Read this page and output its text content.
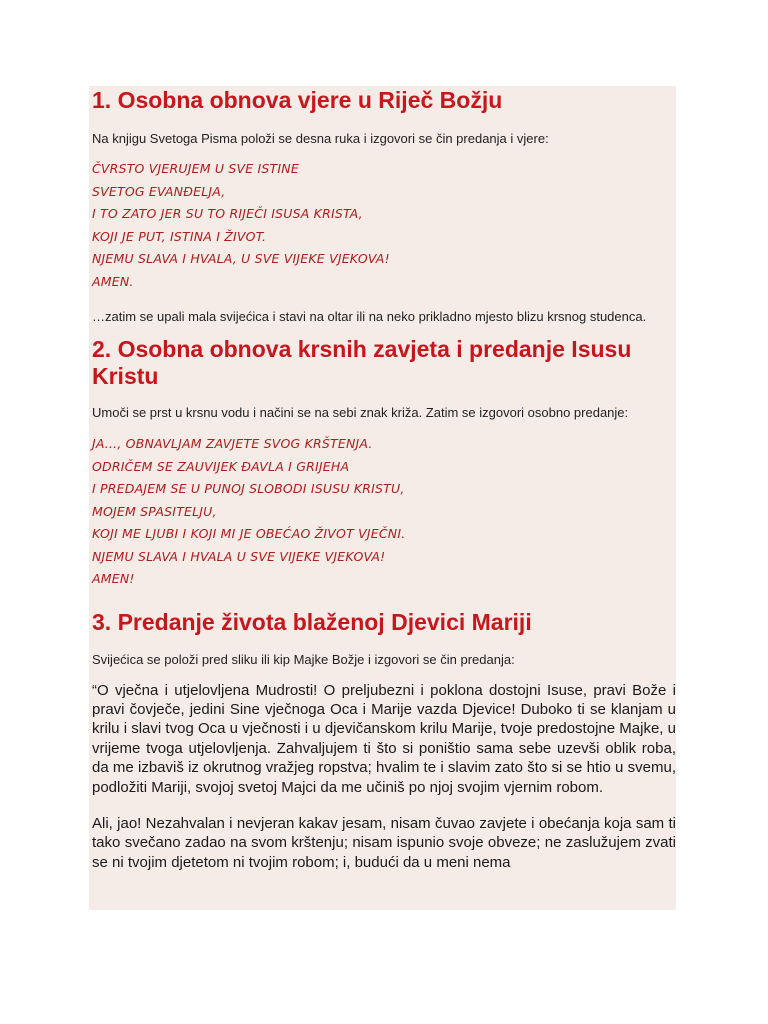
1. Osobna obnova vjere u Riječ Božju

Na knjigu Svetoga Pisma položi se desna ruka i izgovori se čin predanja i vjere:

ČVRSTO VJERUJEM U SVE ISTINE
SVETOG EVANĐELJA,
I TO ZATO JER SU TO RIJEČI ISUSA KRISTA,
KOJI JE PUT, ISTINA I ŽIVOT.
NJEMU SLAVA I HVALA, U SVE VIJEKE VJEKOVA!
AMEN.

…zatim se upali mala svijećica i stavi na oltar ili na neko prikladno mjesto blizu krsnog studenca.

2. Osobna obnova krsnih zavjeta i predanje Isusu Kristu

Umoči se prst u krsnu vodu i načini se na sebi znak križa. Zatim se izgovori osobno predanje:

JA…, OBNAVLJAM ZAVJETE SVOG KRŠTENJA.
ODRIČEM SE ZAUVIJEK ĐAVLA I GRIJEHA
I PREDAJEM SE U PUNOJ SLOBODI ISUSU KRISTU,
MOJEM SPASITELJU,
KOJI ME LJUBI I KOJI MI JE OBEĆAO ŽIVOT VJEČNI.
NJEMU SLAVA I HVALA U SVE VIJEKE VJEKOVA!
AMEN!
3. Predanje života blaženoj Djevici Mariji

Svijećica se položi pred sliku ili kip Majke Božje i izgovori se čin predanja:

“O vječna i utjelovljena Mudrosti! O preljubezni i poklona dostojni Isuse, pravi Bože i pravi čovječe, jedini Sine vječnoga Oca i Marije vazda Djevice! Duboko ti se klanjam u krilu i slavi tvog Oca u vječnosti i u djevičanskom krilu Marije, tvoje predostojne Majke, u vrijeme tvoga utjelovljenja. Zahvaljujem ti što si poništio sama sebe uzevši oblik roba, da me izbaviš iz okrutnog vražjeg ropstva; hvalim te i slavim zato što si se htio u svemu, podložiti Mariji, svojoj svetoj Majci da me učiniš po njoj svojim vjernim robom.

Ali, jao! Nezahvalan i nevjeran kakav jesam, nisam čuvao zavjete i obećanja koja sam ti tako svečano zadao na svom krštenju; nisam ispunio svoje obveze; ne zaslužujem zvati se ni tvojim djetetom ni tvojim robom; i, budući da u meni nema
